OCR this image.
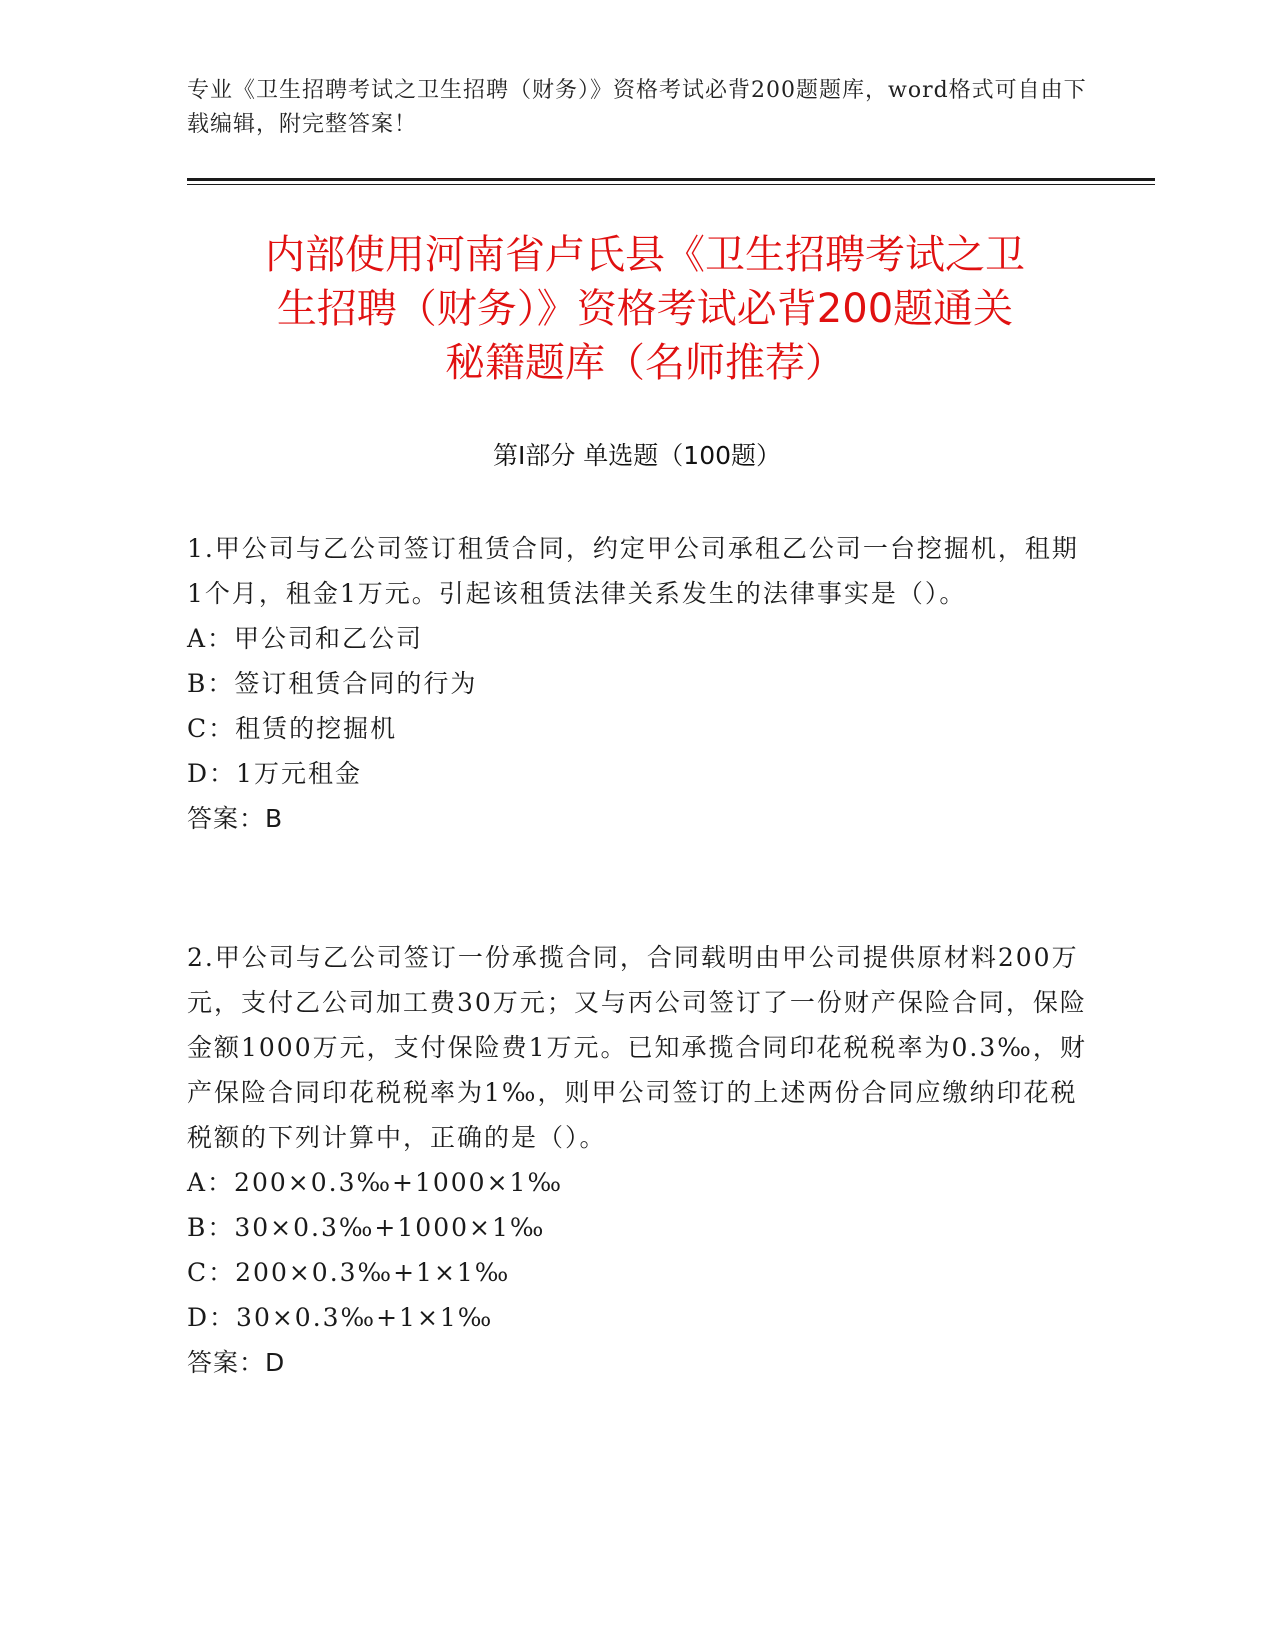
专业《卫生招聘考试之卫生招聘（财务）》资格考试必背200题题库，word格式可自由下载编辑，附完整答案！
内部使用河南省卢氏县《卫生招聘考试之卫
生招聘（财务）》资格考试必背200题通关
秘籍题库（名师推荐）
第I部分 单选题（100题）

1.甲公司与乙公司签订租赁合同，约定甲公司承租乙公司一台挖掘机，租期1个月，租金1万元。引起该租赁法律关系发生的法律事实是（）。

A：甲公司和乙公司

B：签订租赁合同的行为

C：租赁的挖掘机

D：1万元租金

答案：B

2.甲公司与乙公司签订一份承揽合同，合同载明由甲公司提供原材料200万元，支付乙公司加工费30万元；又与丙公司签订了一份财产保险合同，保险金额1000万元，支付保险费1万元。已知承揽合同印花税税率为0.3‰，财产保险合同印花税税率为1‰，则甲公司签订的上述两份合同应缴纳印花税税额的下列计算中，正确的是（）。

A：200×0.3‰+1000×1‰

B：30×0.3‰+1000×1‰

C：200×0.3‰+1×1‰

D：30×0.3‰+1×1‰

答案：D
